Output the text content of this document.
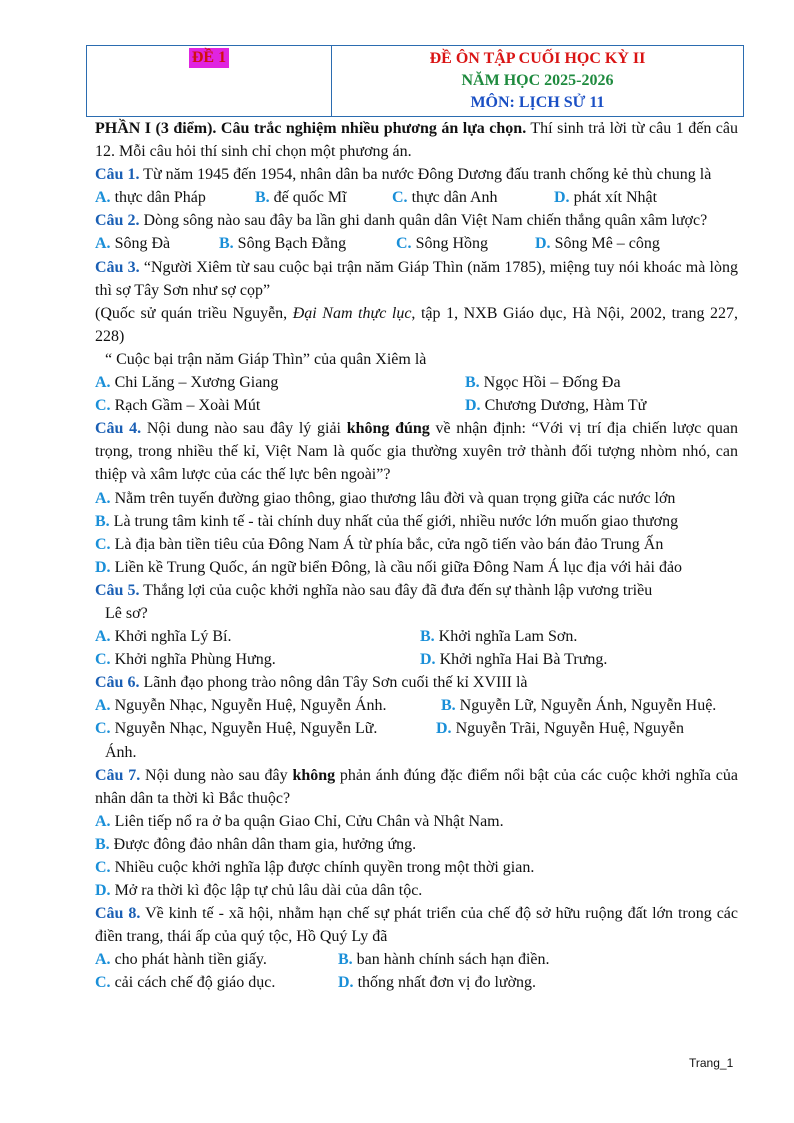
ĐỀ 1	ĐỀ ÔN TẬP CUỐI HỌC KỲ II

NĂM HỌC 2025-2026

MÔN: LỊCH SỬ 11

PHẦN I (3 điểm). Câu trắc nghiệm nhiều phương án lựa chọn. Thí sinh trả lời từ câu 1 đến câu 12. Mỗi câu hỏi thí sinh chỉ chọn một phương án.

Câu 1. Từ năm 1945 đến 1954, nhân dân ba nước Đông Dương đấu tranh chống kẻ thù chung là

A. thực dân Pháp	B. đế quốc Mĩ	C. thực dân Anh	D. phát xít Nhật

Câu 2. Dòng sông nào sau đây ba lần ghi danh quân dân Việt Nam chiến thắng quân xâm lược?

A. Sông Đà	B. Sông Bạch Đằng	C. Sông Hồng	D. Sông Mê – công

Câu 3. “Người Xiêm từ sau cuộc bại trận năm Giáp Thìn (năm 1785), miệng tuy nói khoác mà lòng thì sợ Tây Sơn như sợ cọp”

(Quốc sử quán triều Nguyễn, Đại Nam thực lục, tập 1, NXB Giáo dục, Hà Nội, 2002, trang 227, 228)

“ Cuộc bại trận năm Giáp Thìn” của quân Xiêm là

A. Chi Lăng – Xương Giang	B. Ngọc Hồi – Đống Đa
C. Rạch Gầm – Xoài Mút	D. Chương Dương, Hàm Tử

Câu 4. Nội dung nào sau đây lý giải không đúng về nhận định: “Với vị trí địa chiến lược quan trọng, trong nhiều thế kỉ, Việt Nam là quốc gia thường xuyên trở thành đối tượng nhòm nhó, can thiệp và xâm lược của các thế lực bên ngoài”?

A. Nằm trên tuyến đường giao thông, giao thương lâu đời và quan trọng giữa các nước lớn

B. Là trung tâm kinh tế - tài chính duy nhất của thế giới, nhiều nước lớn muốn giao thương

C. Là địa bàn tiền tiêu của Đông Nam Á từ phía bắc, cửa ngõ tiến vào bán đảo Trung Ấn

D. Liền kề Trung Quốc, án ngữ biển Đông, là cầu nối giữa Đông Nam Á lục địa với hải đảo

Câu 5. Thắng lợi của cuộc khởi nghĩa nào sau đây đã đưa đến sự thành lập vương triều

Lê sơ?

A. Khởi nghĩa Lý Bí.	B. Khởi nghĩa Lam Sơn.
C. Khởi nghĩa Phùng Hưng.	D. Khởi nghĩa Hai Bà Trưng.

Câu 6. Lãnh đạo phong trào nông dân Tây Sơn cuối thế kỉ XVIII là

A. Nguyễn Nhạc, Nguyễn Huệ, Nguyễn Ánh.	B. Nguyễn Lữ, Nguyễn Ánh, Nguyễn Huệ.
C. Nguyễn Nhạc, Nguyễn Huệ, Nguyễn Lữ.	D. Nguyễn Trãi, Nguyễn Huệ, Nguyễn

Ánh.

Câu 7. Nội dung nào sau đây không phản ánh đúng đặc điểm nổi bật của các cuộc khởi nghĩa của nhân dân ta thời kì Bắc thuộc?

A. Liên tiếp nổ ra ở ba quận Giao Chỉ, Cửu Chân và Nhật Nam.

B. Được đông đảo nhân dân tham gia, hưởng ứng.

C. Nhiều cuộc khởi nghĩa lập được chính quyền trong một thời gian.

D. Mở ra thời kì độc lập tự chủ lâu dài của dân tộc.

Câu 8. Về kinh tế - xã hội, nhằm hạn chế sự phát triển của chế độ sở hữu ruộng đất lớn trong các điền trang, thái ấp của quý tộc, Hồ Quý Ly đã

A. cho phát hành tiền giấy.	B. ban hành chính sách hạn điền.
C. cải cách chế độ giáo dục.	D. thống nhất đơn vị đo lường.
Trang_1
